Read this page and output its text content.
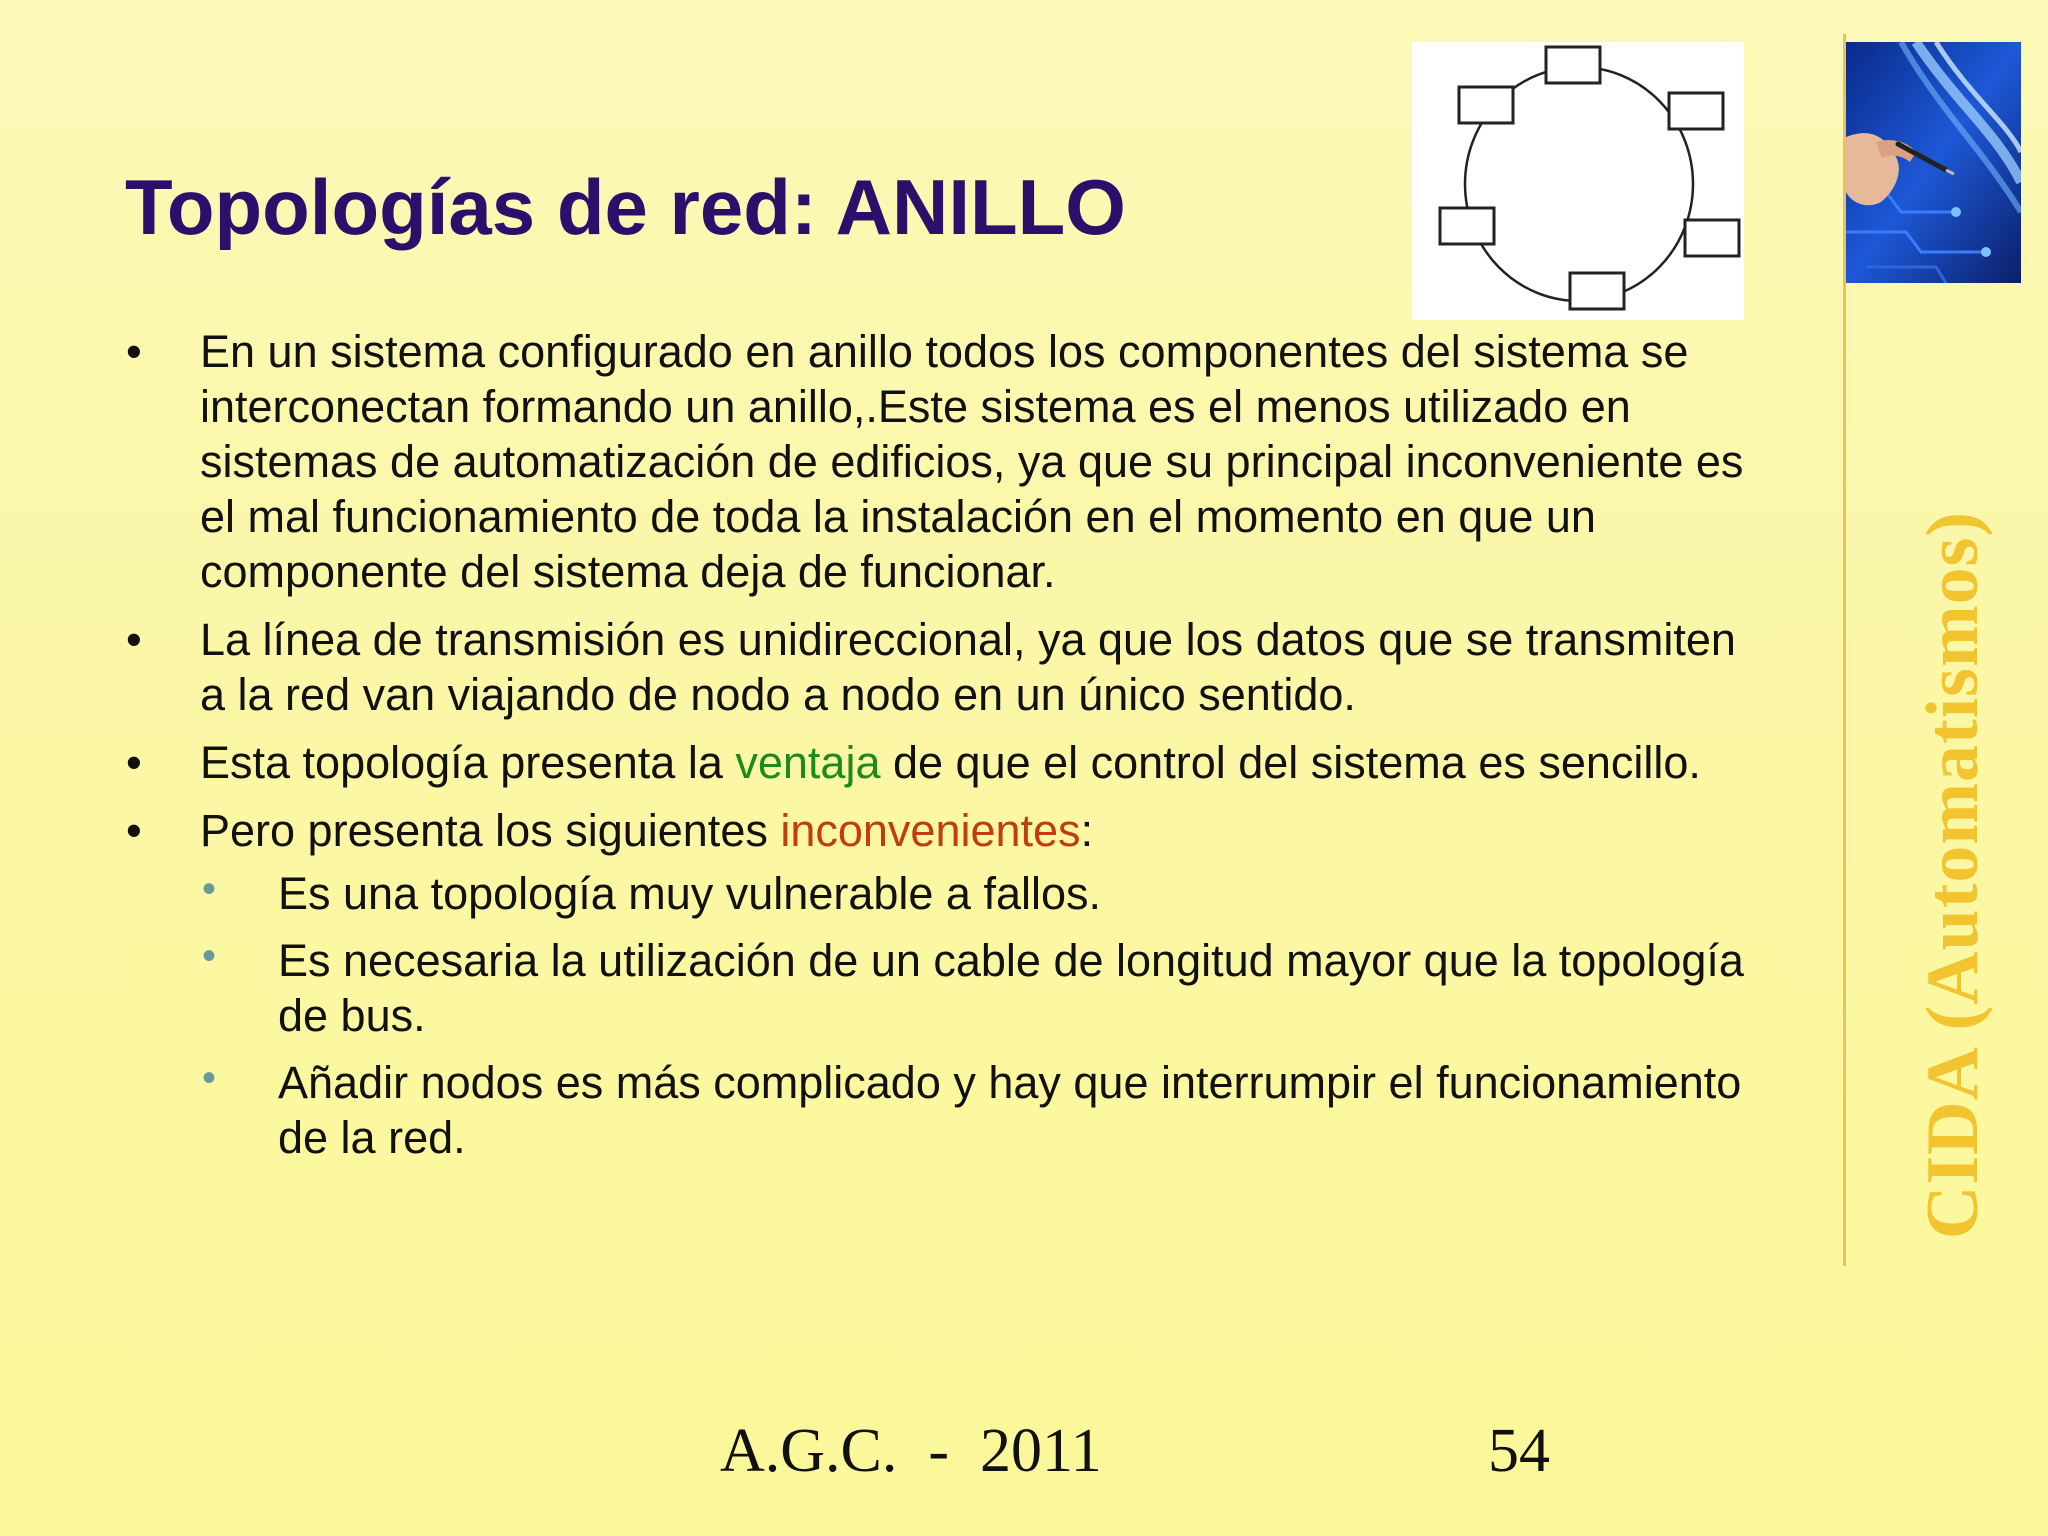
Topologías de red: ANILLO
CIDA (Automatismos)
• En un sistema configurado en anillo todos los componentes del sistema se interconectan formando un anillo,.Este sistema es el menos utilizado en sistemas de automatización de edificios, ya que su principal inconveniente es el mal funcionamiento de toda la instalación en el momento en que un componente del sistema deja de funcionar.
• La línea de transmisión es unidireccional, ya que los datos que se transmiten a la red van viajando de nodo a nodo en un único sentido.
• Esta topología presenta la ventaja de que el control del sistema es sencillo.
• Pero presenta los siguientes inconvenientes:
• Es una topología muy vulnerable a fallos.
• Es necesaria la utilización de un cable de longitud mayor que la topología de bus.
• Añadir nodos es más complicado y hay que interrumpir el funcionamiento de la red.
A.G.C.  -  2011	54
